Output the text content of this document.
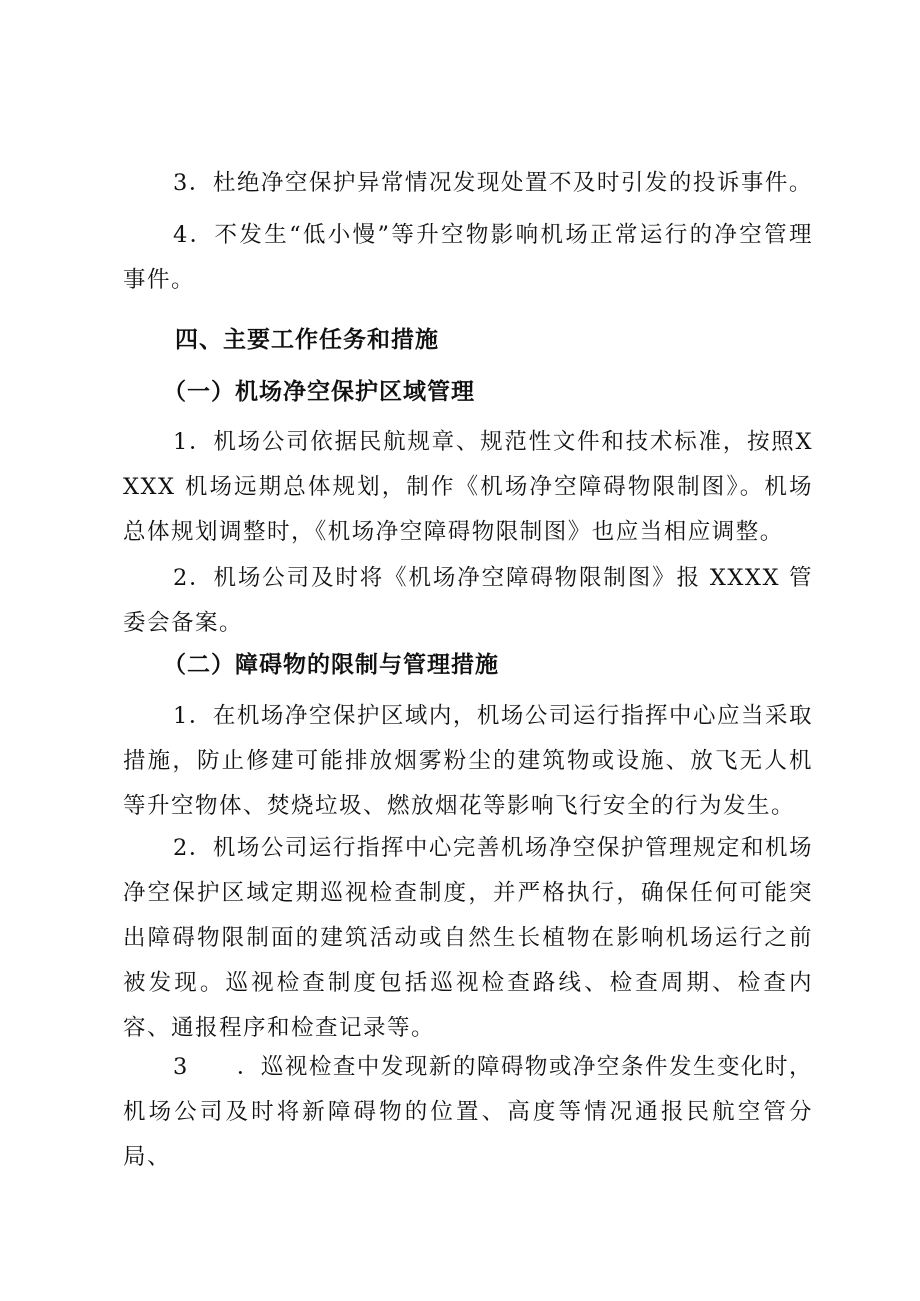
3．杜绝净空保护异常情况发现处置不及时引发的投诉事件。

4．不发生“低小慢”等升空物影响机场正常运行的净空管理事件。

四、主要工作任务和措施
（一）机场净空保护区域管理

1．机场公司依据民航规章、规范性文件和技术标准，按照XXXX 机场远期总体规划，制作《机场净空障碍物限制图》。机场总体规划调整时，《机场净空障碍物限制图》也应当相应调整。

2．机场公司及时将《机场净空障碍物限制图》报 XXXX 管委会备案。

（二）障碍物的限制与管理措施

1．在机场净空保护区域内，机场公司运行指挥中心应当采取措施，防止修建可能排放烟雾粉尘的建筑物或设施、放飞无人机等升空物体、焚烧垃圾、燃放烟花等影响飞行安全的行为发生。

2．机场公司运行指挥中心完善机场净空保护管理规定和机场净空保护区域定期巡视检查制度，并严格执行，确保任何可能突出障碍物限制面的建筑活动或自然生长植物在影响机场运行之前被发现。巡视检查制度包括巡视检查路线、检查周期、检查内容、通报程序和检查记录等。

3　　．巡视检查中发现新的障碍物或净空条件发生变化时，机场公司及时将新障碍物的位置、高度等情况通报民航空管分局、
